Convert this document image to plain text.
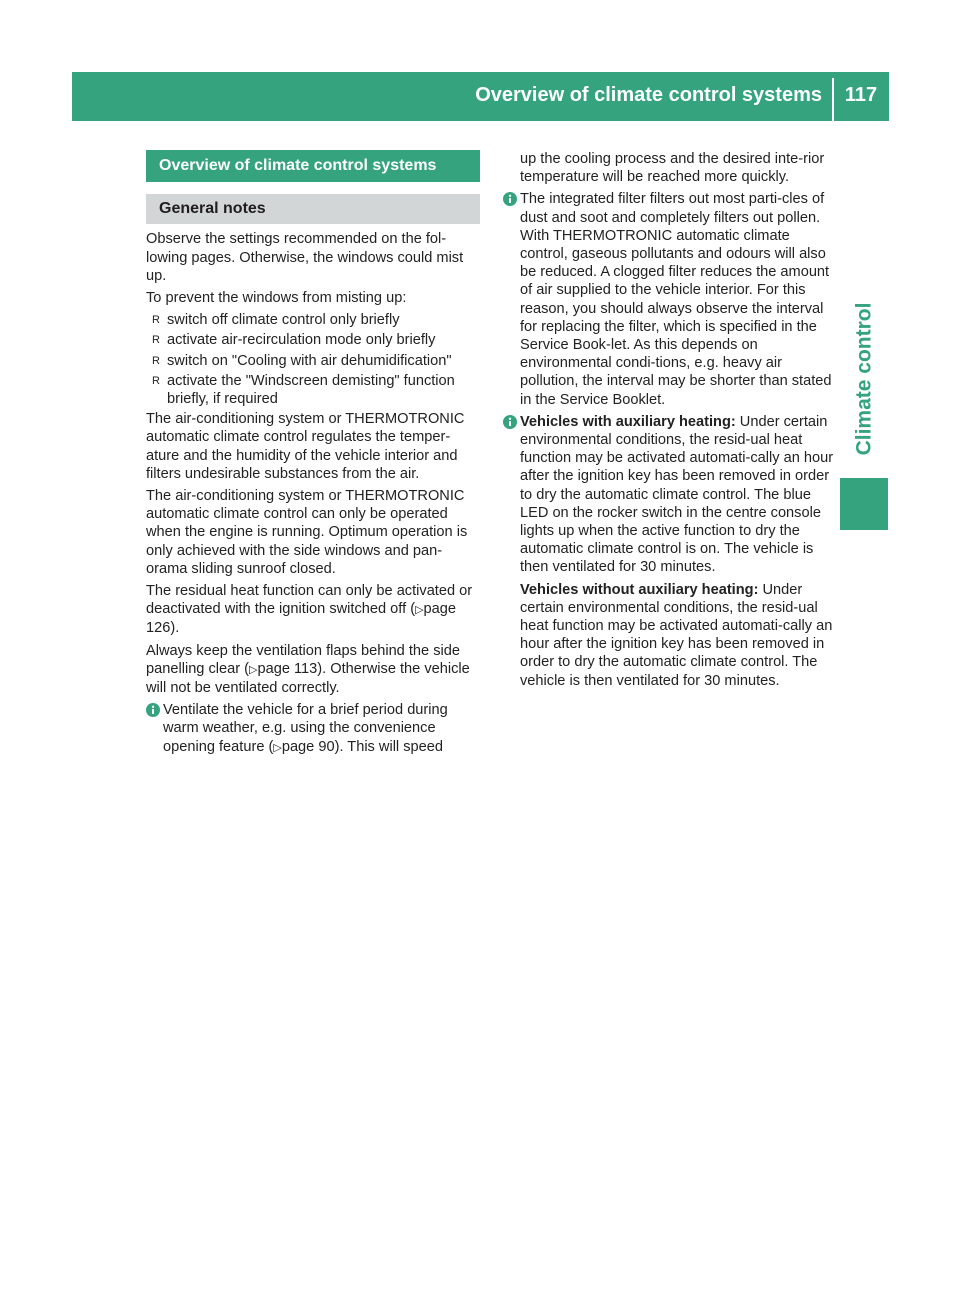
Overview of climate control systems 117
Climate control
Overview of climate control systems
General notes

Observe the settings recommended on the fol-lowing pages. Otherwise, the windows could mist up.

To prevent the windows from misting up:

R switch off climate control only briefly
R activate air-recirculation mode only briefly
R switch on "Cooling with air dehumidification"
R activate the "Windscreen demisting" function briefly, if required

The air-conditioning system or THERMOTRONIC automatic climate control regulates the temper-ature and the humidity of the vehicle interior and filters undesirable substances from the air.

The air-conditioning system or THERMOTRONIC automatic climate control can only be operated when the engine is running. Optimum operation is only achieved with the side windows and pan-orama sliding sunroof closed.

The residual heat function can only be activated or deactivated with the ignition switched off (▷page 126).

Always keep the ventilation flaps behind the side panelling clear (▷page 113). Otherwise the vehicle will not be ventilated correctly.

Ventilate the vehicle for a brief period during warm weather, e.g. using the convenience opening feature (▷page 90). This will speed
up the cooling process and the desired inte-rior temperature will be reached more quickly.
The integrated filter filters out most parti-cles of dust and soot and completely filters out pollen. With THERMOTRONIC automatic climate control, gaseous pollutants and odours will also be reduced. A clogged filter reduces the amount of air supplied to the vehicle interior. For this reason, you should always observe the interval for replacing the filter, which is specified in the Service Book-let. As this depends on environmental condi-tions, e.g. heavy air pollution, the interval may be shorter than stated in the Service Booklet.
Vehicles with auxiliary heating: Under certain environmental conditions, the resid-ual heat function may be activated automati-cally an hour after the ignition key has been removed in order to dry the automatic climate control. The blue LED on the rocker switch in the centre console lights up when the active function to dry the automatic climate control is on. The vehicle is then ventilated for 30 minutes.
Vehicles without auxiliary heating: Under certain environmental conditions, the resid-ual heat function may be activated automati-cally an hour after the ignition key has been removed in order to dry the automatic climate control. The vehicle is then ventilated for 30 minutes.
